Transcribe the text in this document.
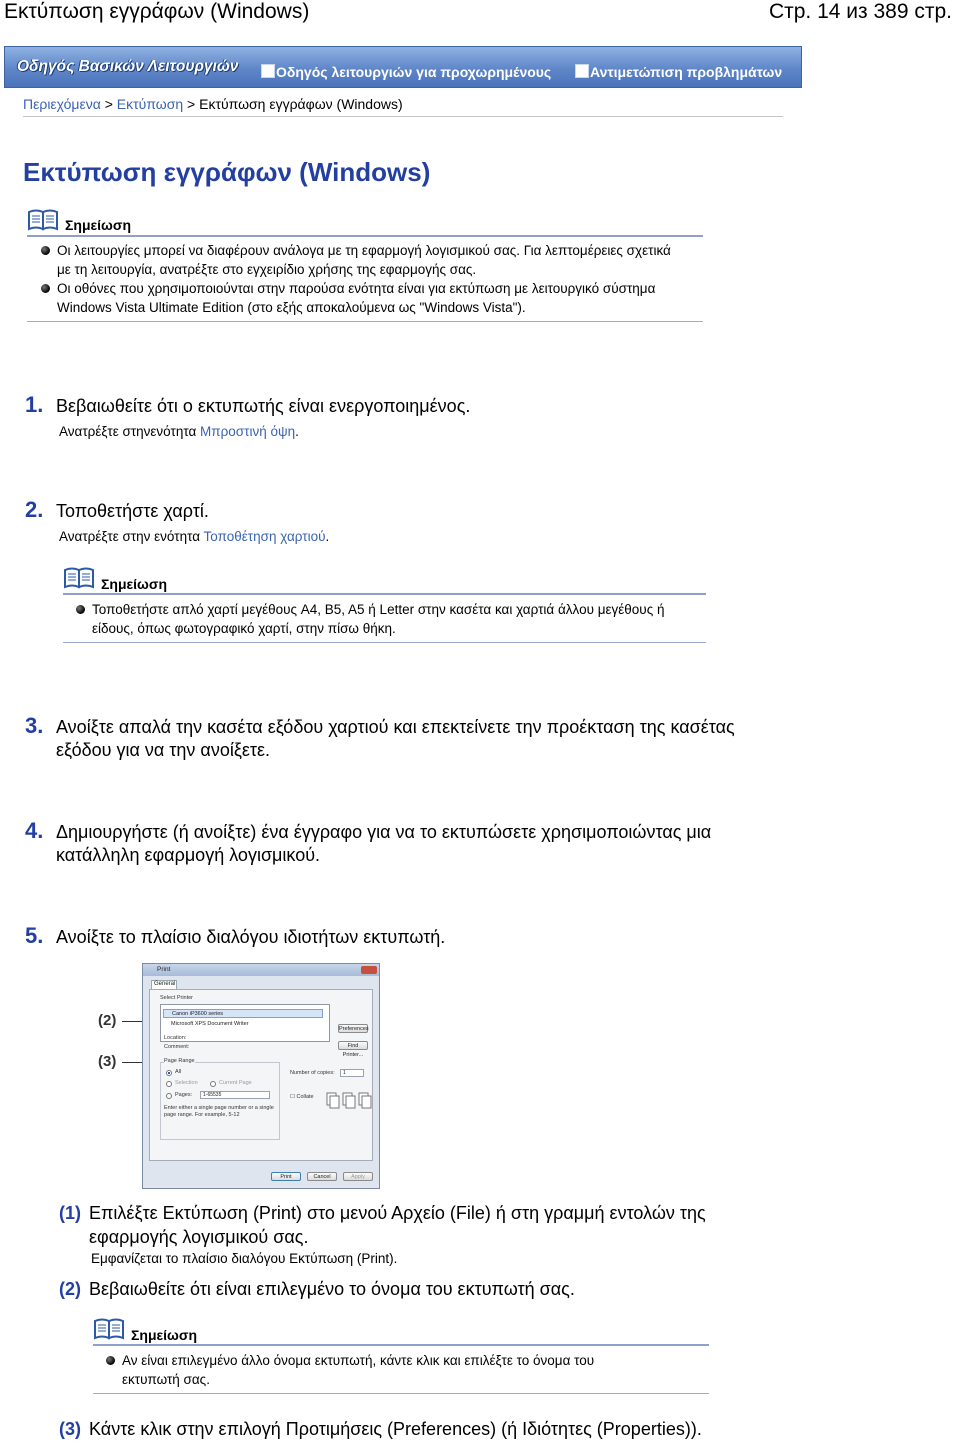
Εκτύπωση εγγράφων (Windows)	Стр. 14 из 389 стр.
Οδηγός Βασικών Λειτουργιών	Οδηγός λειτουργιών για προχωρημένους	Αντιμετώπιση προβλημάτων
Περιεχόμενα > Εκτύπωση > Εκτύπωση εγγράφων (Windows)
Εκτύπωση εγγράφων (Windows)
Σημείωση
Οι λειτουργίες μπορεί να διαφέρουν ανάλογα με τη εφαρμογή λογισμικού σας. Για λεπτομέρειες σχετικά με τη λειτουργία, ανατρέξτε στο εγχειρίδιο χρήσης της εφαρμογής σας.
Οι οθόνες που χρησιμοποιούνται στην παρούσα ενότητα είναι για εκτύπωση με λειτουργικό σύστημα Windows Vista Ultimate Edition (στο εξής αποκαλούμενα ως "Windows Vista").
1. Βεβαιωθείτε ότι ο εκτυπωτής είναι ενεργοποιημένος.
Ανατρέξτε στηνενότητα Μπροστινή όψη.
2. Τοποθετήστε χαρτί.
Ανατρέξτε στην ενότητα Τοποθέτηση χαρτιού.
Σημείωση
Τοποθετήστε απλό χαρτί μεγέθους A4, B5, A5 ή Letter στην κασέτα και χαρτιά άλλου μεγέθους ή είδους, όπως φωτογραφικό χαρτί, στην πίσω θήκη.
3. Ανοίξτε απαλά την κασέτα εξόδου χαρτιού και επεκτείνετε την προέκταση της κασέτας εξόδου για να την ανοίξετε.
4. Δημιουργήστε (ή ανοίξτε) ένα έγγραφο για να το εκτυπώσετε χρησιμοποιώντας μια κατάλληλη εφαρμογή λογισμικού.
5. Ανοίξτε το πλαίσιο διαλόγου ιδιοτήτων εκτυπωτή.
(2)
(3)
Print
General
Select Printer
Canon iP3600 series
Microsoft XPS Document Writer
Preferences
Location:
Comment:	Find Printer...
Page Range
All
Selection	Current Page
Pages:	1-65535
Enter either a single page number or a single page range. For example, 5-12
Number of copies:	1
☐ Collate
Print	Cancel	Apply
(1) Επιλέξτε Εκτύπωση (Print) στο μενού Αρχείο (File) ή στη γραμμή εντολών της εφαρμογής λογισμικού σας.
Εμφανίζεται το πλαίσιο διαλόγου Εκτύπωση (Print).
(2) Βεβαιωθείτε ότι είναι επιλεγμένο το όνομα του εκτυπωτή σας.
Σημείωση
Αν είναι επιλεγμένο άλλο όνομα εκτυπωτή, κάντε κλικ και επιλέξτε το όνομα του εκτυπωτή σας.
(3) Κάντε κλικ στην επιλογή Προτιμήσεις (Preferences) (ή Ιδιότητες (Properties)).
